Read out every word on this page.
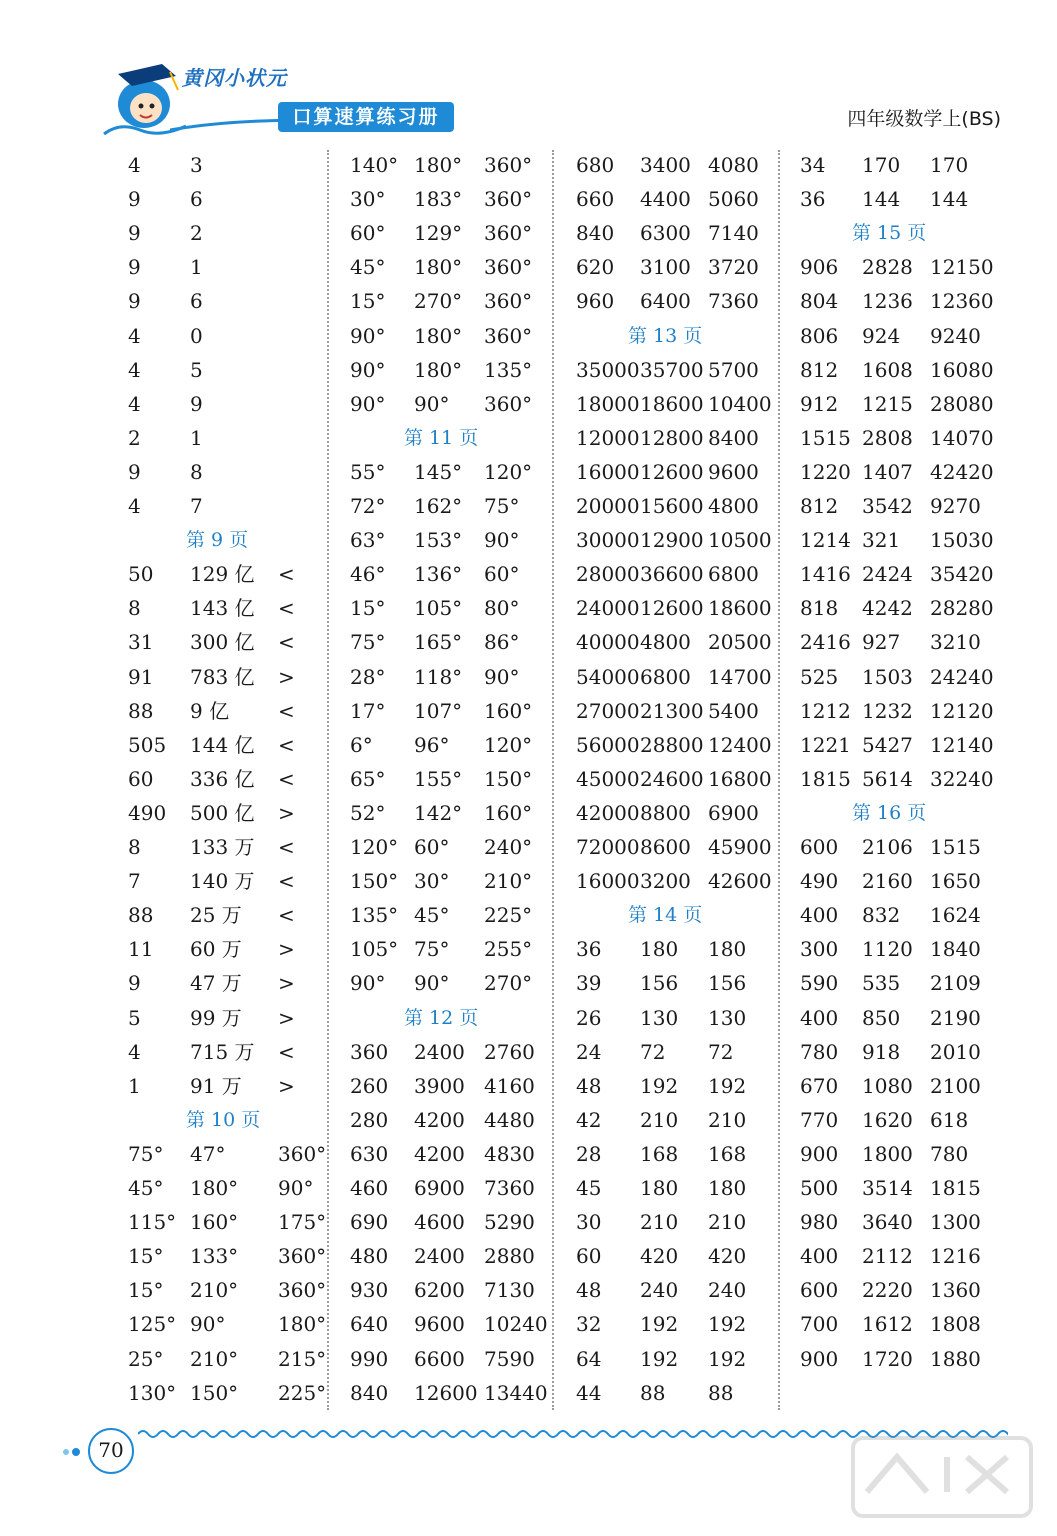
黄冈小状元
口算速算练习册	四年级数学上(BS)
4 3
9 6
9 2
9 1
9 6
4 0
4 5
4 9
2 1
9 8
4 7
第 9 页
50 129 亿 <
8 143 亿 <
31 300 亿 <
91 783 亿 >
88 9 亿 <
505 144 亿 <
60 336 亿 <
490 500 亿 >
8 133 万 <
7 140 万 <
88 25 万 <
11 60 万 >
9 47 万 >
5 99 万 >
4 715 万 <
1 91 万 >
第 10 页
75° 47°	360°
45° 180° 90°
115° 160° 175°
15° 133° 360°
15° 210° 360°
125° 90°	180°
25° 210° 215°
130° 150° 225°
140° 180° 360°
30° 183° 360°
60° 129° 360°
45° 180° 360°
15° 270° 360°
90° 180° 360°
90° 180° 135°
90° 90° 360°
第 11 页
55° 145° 120°
72° 162° 75°
63° 153° 90°
46° 136° 60°
15° 105° 80°
75° 165° 86°
28° 118° 90°
17° 107° 160°
6° 96° 120°
65° 155° 150°
52° 142° 160°
120° 60° 240°
150° 30° 210°
135° 45° 225°
105° 75° 255°
90° 90° 270°
第 12 页
360 2400 2760
260 3900 4160
280 4200 4480
630 4200 4830
460 6900 7360
690 4600 5290
480 2400 2880
930 6200 7130
640 9600 10240
990 6600 7590
840 12600 13440
680 3400 4080
660 4400 5060
840 6300 7140
620 3100 3720
960 6400 7360
第 13 页
35000 35700 5700
18000 18600 10400
12000 12800 8400
16000 12600 9600
20000 15600 4800
30000 12900 10500
28000 36600 6800
24000 12600 18600
40000 4800 20500
54000 6800 14700
27000 21300 5400
56000 28800 12400
45000 24600 16800
42000 8800 6900
72000 8600 45900
16000 3200 42600
第 14 页
36 180 180
39 156 156
26 130 130
24 72 72
48 192 192
42 210 210
28 168 168
45 180 180
30 210 210
60 420 420
48 240 240
32 192 192
64 192 192
44 88 88
34 170 170
36 144 144
第 15 页
906 2828 12150
804 1236 12360
806 924 9240
812 1608 16080
912 1215 28080
1515 2808 14070
1220 1407 42420
812 3542 9270
1214 321 15030
1416 2424 35420
818 4242 28280
2416 927 3210
525 1503 24240
1212 1232 12120
1221 5427 12140
1815 5614 32240
第 16 页
600 2106 1515
490 2160 1650
400 832 1624
300 1120 1840
590 535 2109
400 850 2190
780 918 2010
670 1080 2100
770 1620 618
900 1800 780
500 3514 1815
980 3640 1300
400 2112 1216
600 2220 1360
700 1612 1808
900 1720 1880
70
